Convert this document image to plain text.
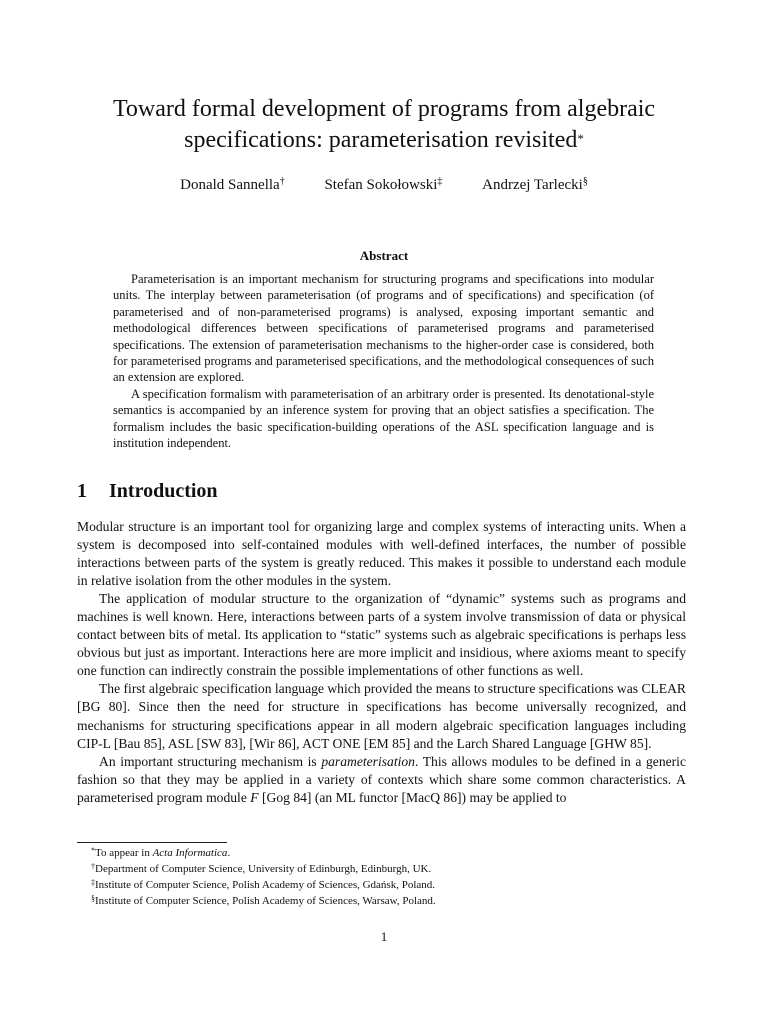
Toward formal development of programs from algebraic
specifications: parameterisation revisited*
Donald Sannella†	Stefan Sokołowski‡	Andrzej Tarlecki§
Abstract

Parameterisation is an important mechanism for structuring programs and specifications into modular units. The interplay between parameterisation (of programs and of specifications) and specification (of parameterised and of non-parameterised programs) is analysed, exposing important semantic and methodological differences between specifications of parameterised programs and parameterised specifications. The extension of parameterisation mechanisms to the higher-order case is considered, both for parameterised programs and parameterised specifications, and the methodological consequences of such an extension are explored.

A specification formalism with parameterisation of an arbitrary order is presented. Its denotational-style semantics is accompanied by an inference system for proving that an object satisfies a specification. The formalism includes the basic specification-building operations of the ASL specification language and is institution independent.

1 Introduction

Modular structure is an important tool for organizing large and complex systems of interacting units. When a system is decomposed into self-contained modules with well-defined interfaces, the number of possible interactions between parts of the system is greatly reduced. This makes it possible to understand each module in relative isolation from the other modules in the system.

The application of modular structure to the organization of “dynamic” systems such as programs and machines is well known. Here, interactions between parts of a system involve transmission of data or physical contact between bits of metal. Its application to “static” systems such as algebraic specifications is perhaps less obvious but just as important. Interactions here are more implicit and insidious, where axioms meant to specify one function can indirectly constrain the possible implementations of other functions as well.

The first algebraic specification language which provided the means to structure specifications was CLEAR [BG 80]. Since then the need for structure in specifications has become universally recognized, and mechanisms for structuring specifications appear in all modern algebraic specification languages including CIP-L [Bau 85], ASL [SW 83], [Wir 86], ACT ONE [EM 85] and the Larch Shared Language [GHW 85].

An important structuring mechanism is parameterisation. This allows modules to be defined in a generic fashion so that they may be applied in a variety of contexts which share some common characteristics. A parameterised program module F [Gog 84] (an ML functor [MacQ 86]) may be applied to

*To appear in Acta Informatica.

†Department of Computer Science, University of Edinburgh, Edinburgh, UK.

‡Institute of Computer Science, Polish Academy of Sciences, Gdańsk, Poland.

§Institute of Computer Science, Polish Academy of Sciences, Warsaw, Poland.

1
